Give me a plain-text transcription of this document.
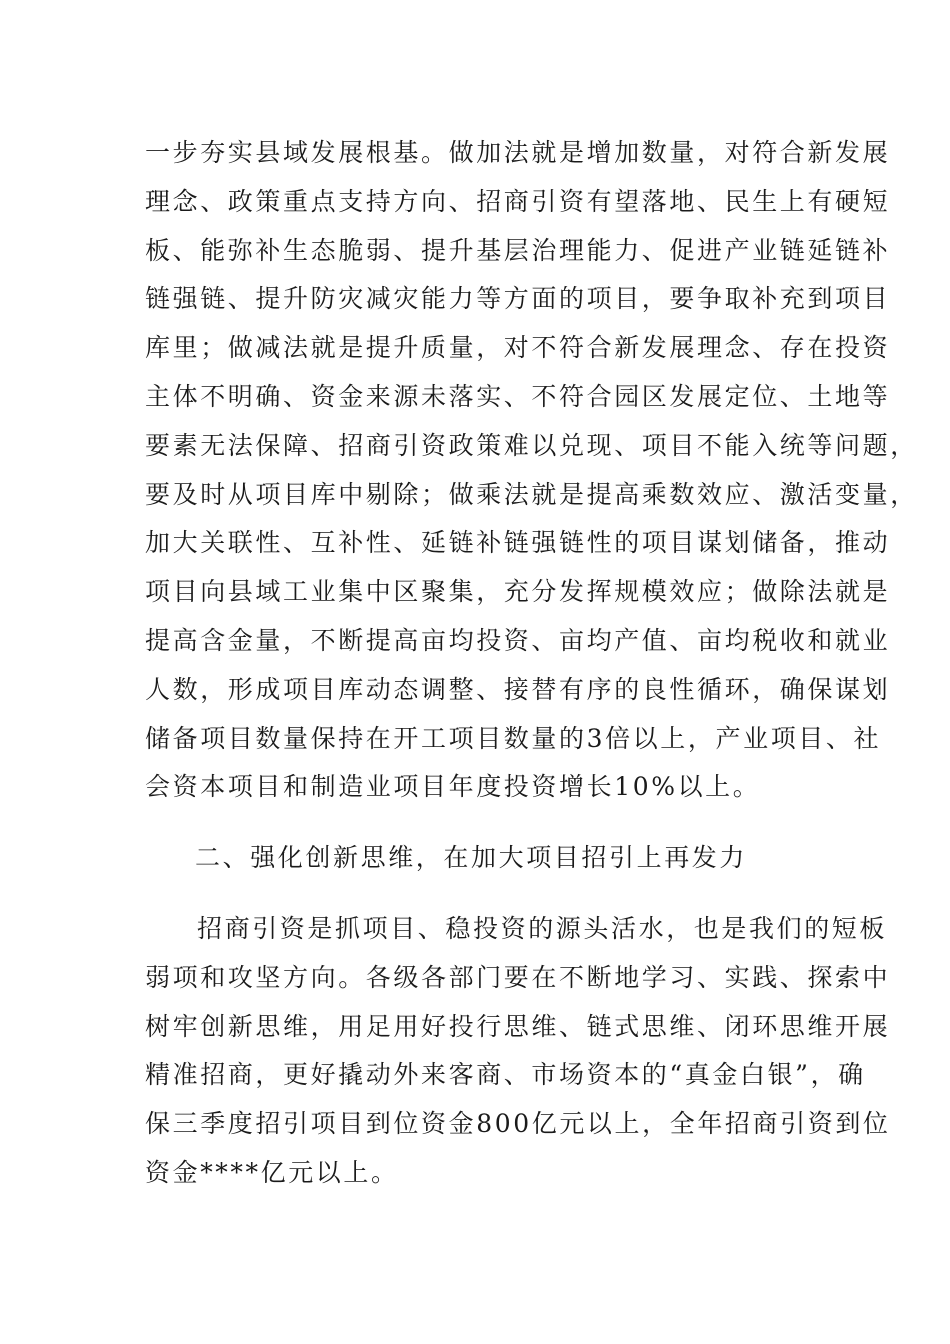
一步夯实县域发展根基。做加法就是增加数量，对符合新发展
理念、政策重点支持方向、招商引资有望落地、民生上有硬短
板、能弥补生态脆弱、提升基层治理能力、促进产业链延链补
链强链、提升防灾减灾能力等方面的项目，要争取补充到项目
库里；做减法就是提升质量，对不符合新发展理念、存在投资
主体不明确、资金来源未落实、不符合园区发展定位、土地等
要素无法保障、招商引资政策难以兑现、项目不能入统等问题，
要及时从项目库中剔除；做乘法就是提高乘数效应、激活变量，
加大关联性、互补性、延链补链强链性的项目谋划储备，推动
项目向县域工业集中区聚集，充分发挥规模效应；做除法就是
提高含金量，不断提高亩均投资、亩均产值、亩均税收和就业
人数，形成项目库动态调整、接替有序的良性循环，确保谋划
储备项目数量保持在开工项目数量的3倍以上，产业项目、社
会资本项目和制造业项目年度投资增长10%以上。
二、强化创新思维，在加大项目招引上再发力
招商引资是抓项目、稳投资的源头活水，也是我们的短板
弱项和攻坚方向。各级各部门要在不断地学习、实践、探索中
树牢创新思维，用足用好投行思维、链式思维、闭环思维开展
精准招商，更好撬动外来客商、市场资本的“真金白银”，确
保三季度招引项目到位资金800亿元以上，全年招商引资到位
资金****亿元以上。
